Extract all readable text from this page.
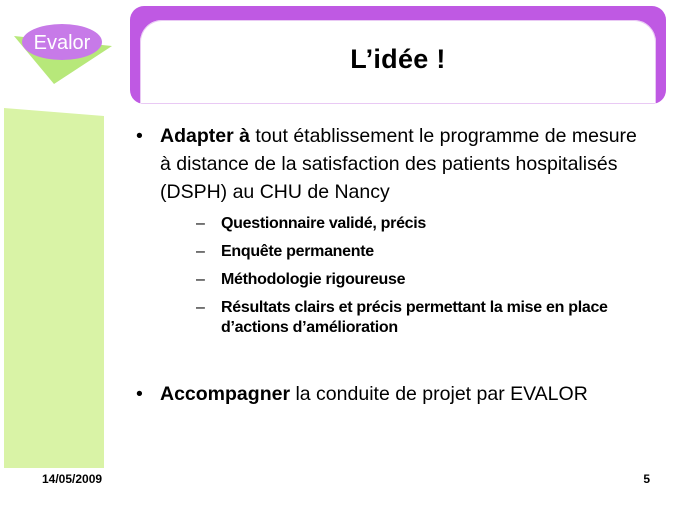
Evalor
L’idée !
• Adapter à tout établissement le programme de mesure à distance de la satisfaction des patients hospitalisés (DSPH) au CHU de Nancy
– Questionnaire validé, précis
– Enquête permanente
– Méthodologie rigoureuse
– Résultats clairs et précis permettant la mise en place d’actions d’amélioration
• Accompagner la conduite de projet par EVALOR
14/05/2009	5
